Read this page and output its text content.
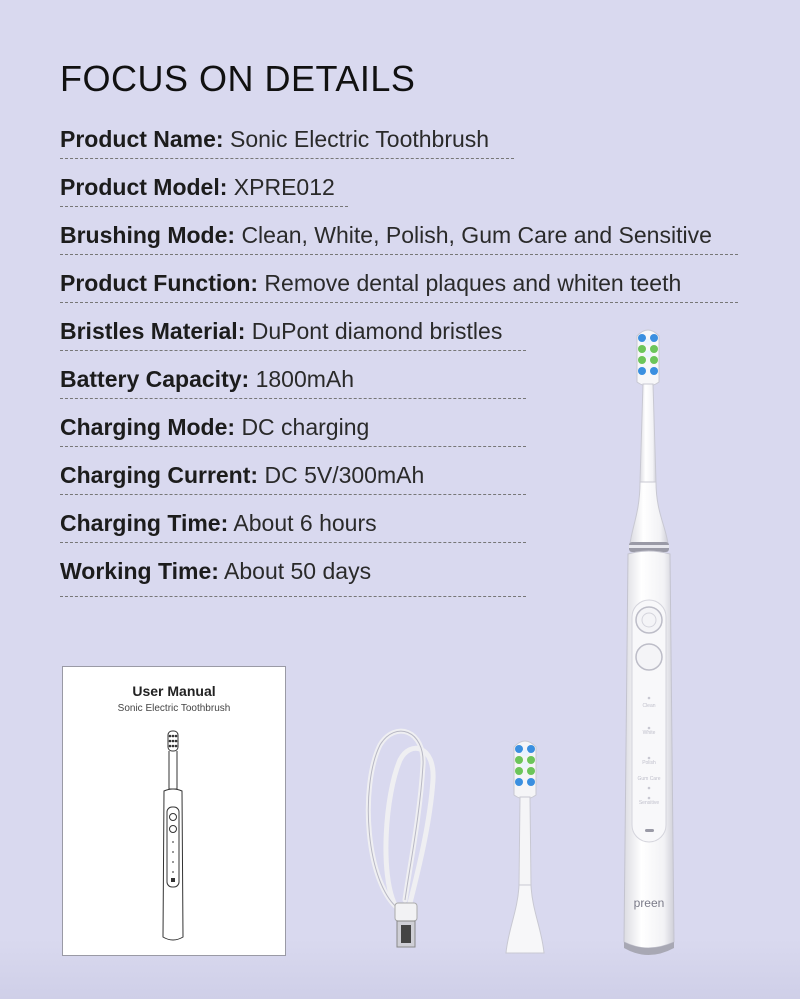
FOCUS ON DETAILS
Product Name: Sonic Electric Toothbrush
Product Model: XPRE012
Brushing Mode: Clean, White, Polish, Gum Care and Sensitive
Product Function: Remove dental plaques and whiten teeth
Bristles Material: DuPont diamond bristles
Battery Capacity: 1800mAh
Charging Mode: DC charging
Charging Current: DC 5V/300mAh
Charging Time: About 6 hours
Working Time: About 50 days
User Manual
Sonic Electric Toothbrush	Clean
White
Polish
Gum Care
Sensitive
preen
